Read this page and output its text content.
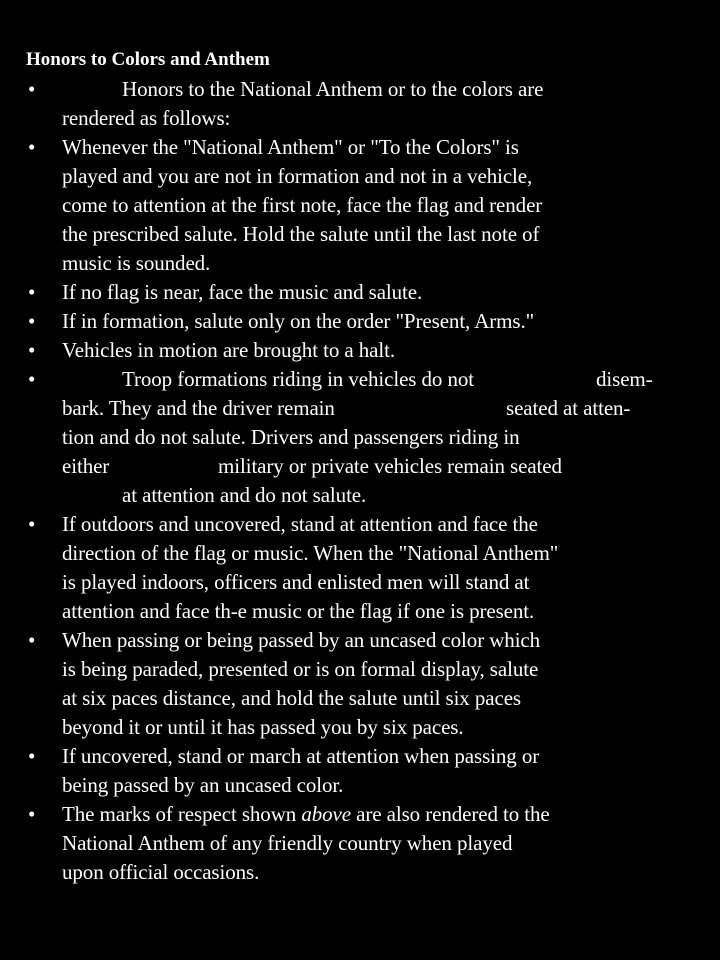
Honors to Colors and Anthem
•	Honors to the National Anthem or to the colors are
rendered as follows:
• Whenever the "National Anthem" or "To the Colors" is
played and you are not in formation and not in a vehicle,
come to attention at the first note, face the flag and render
the prescribed salute. Hold the salute until the last note of
music is sounded.
• If no flag is near, face the music and salute.
• If in formation, salute only on the order "Present, Arms."
• Vehicles in motion are brought to a halt.
•	Troop formations riding in vehicles do not	disem-
bark. They and the driver remain	seated at atten-
tion and do not salute. Drivers and passengers riding in
either	military or private vehicles remain seated
at attention and do not salute.
• If outdoors and uncovered, stand at attention and face the
direction of the flag or music. When the "National Anthem"
is played indoors, officers and enlisted men will stand at
attention and face th-e music or the flag if one is present.
• When passing or being passed by an uncased color which
is being paraded, presented or is on formal display, salute
at six paces distance, and hold the salute until six paces
beyond it or until it has passed you by six paces.
• If uncovered, stand or march at attention when passing or
being passed by an uncased color.
• The marks of respect shown above are also rendered to the
National Anthem of any friendly country when played
upon official occasions.
